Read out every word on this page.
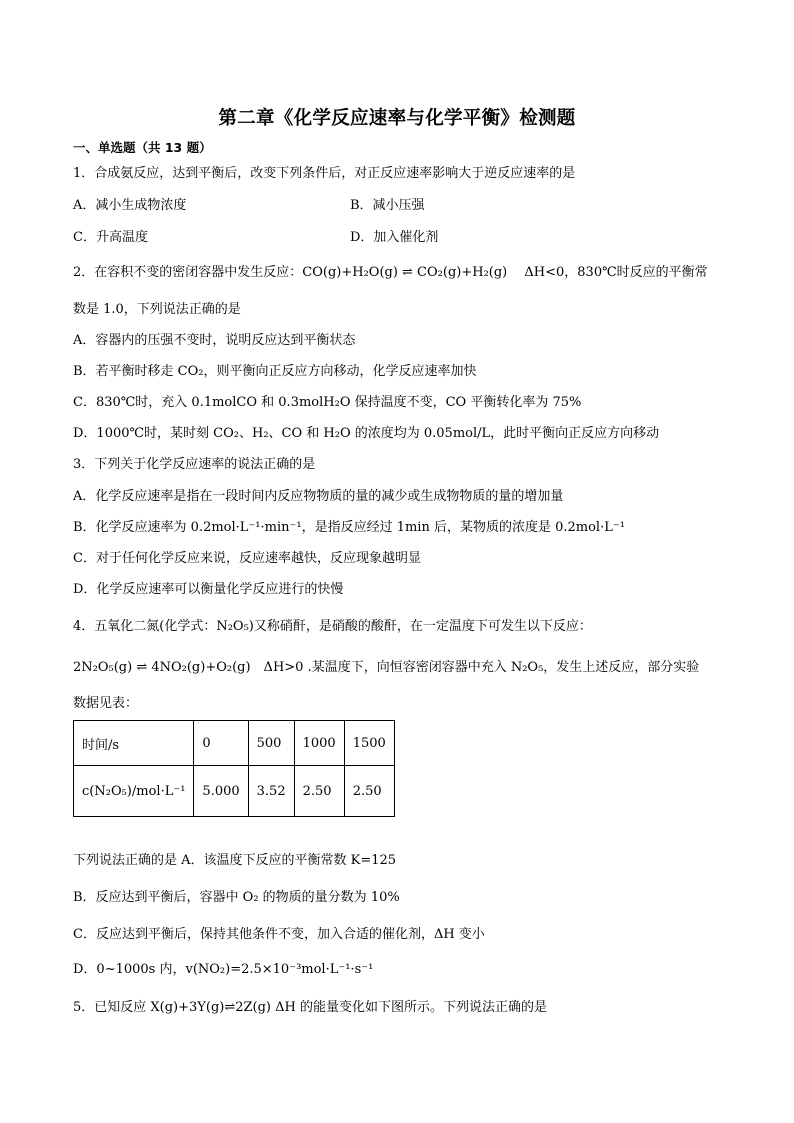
第二章《化学反应速率与化学平衡》检测题
一、单选题（共 13 题）
1．合成氨反应，达到平衡后，改变下列条件后，对正反应速率影响大于逆反应速率的是
A．减小生成物浓度	B．减小压强
C．升高温度	D．加入催化剂
2．在容积不变的密闭容器中发生反应：CO(g)+H₂O(g) ⇌ CO₂(g)+H₂(g)　 ΔH<0，830℃时反应的平衡常
数是 1.0，下列说法正确的是
A．容器内的压强不变时，说明反应达到平衡状态
B．若平衡时移走 CO₂，则平衡向正反应方向移动，化学反应速率加快
C．830℃时，充入 0.1molCO 和 0.3molH₂O 保持温度不变，CO 平衡转化率为 75%
D．1000℃时，某时刻 CO₂、H₂、CO 和 H₂O 的浓度均为 0.05mol/L，此时平衡向正反应方向移动
3．下列关于化学反应速率的说法正确的是
A．化学反应速率是指在一段时间内反应物物质的量的减少或生成物物质的量的增加量
B．化学反应速率为 0.2mol·L⁻¹·min⁻¹，是指反应经过 1min 后，某物质的浓度是 0.2mol·L⁻¹
C．对于任何化学反应来说，反应速率越快，反应现象越明显
D．化学反应速率可以衡量化学反应进行的快慢
4．五氧化二氮(化学式：N₂O₅)又称硝酐，是硝酸的酸酐，在一定温度下可发生以下反应：
2N₂O₅(g) ⇌ 4NO₂(g)+O₂(g)　ΔH>0 .某温度下，向恒容密闭容器中充入 N₂O₅，发生上述反应，部分实验
数据见表：
时间/s	0	500	1000	1500
c(N₂O₅)/mol·L⁻¹	5.000	3.52	2.50	2.50
下列说法正确的是 A．该温度下反应的平衡常数 K=125
B．反应达到平衡后，容器中 O₂ 的物质的量分数为 10%
C．反应达到平衡后，保持其他条件不变，加入合适的催化剂，ΔH 变小
D．0~1000s 内，v(NO₂)=2.5×10⁻³mol·L⁻¹·s⁻¹
5．已知反应 X(g)+3Y(g)⇌2Z(g) ΔH 的能量变化如下图所示。下列说法正确的是
